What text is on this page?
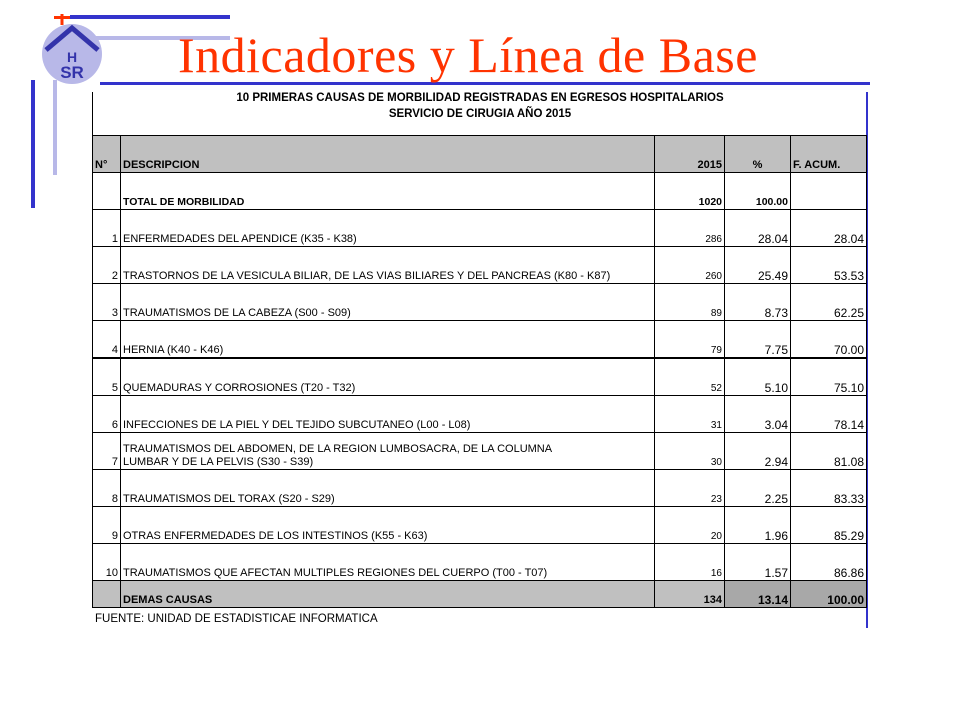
H
SR Indicadores y Línea de Base
10 PRIMERAS CAUSAS DE MORBILIDAD REGISTRADAS EN EGRESOS HOSPITALARIOS
SERVICIO DE CIRUGIA AÑO 2015
N°	DESCRIPCION	2015	%	F. ACUM.
	TOTAL DE MORBILIDAD	1020	100.00	
1	ENFERMEDADES DEL APENDICE (K35 - K38)	286	28.04	28.04
2	TRASTORNOS DE LA VESICULA BILIAR, DE LAS VIAS BILIARES Y DEL PANCREAS (K80 - K87)	260	25.49	53.53
3	TRAUMATISMOS DE LA CABEZA (S00 - S09)	89	8.73	62.25
4	HERNIA (K40 - K46)	79	7.75	70.00
5	QUEMADURAS Y CORROSIONES (T20 - T32)	52	5.10	75.10
6	INFECCIONES DE LA PIEL Y DEL TEJIDO SUBCUTANEO (L00 - L08)	31	3.04	78.14
7	TRAUMATISMOS DEL ABDOMEN, DE LA REGION LUMBOSACRA, DE LA COLUMNA
LUMBAR Y DE LA PELVIS (S30 - S39)	30	2.94	81.08
8	TRAUMATISMOS DEL TORAX (S20 - S29)	23	2.25	83.33
9	OTRAS ENFERMEDADES DE LOS INTESTINOS (K55 - K63)	20	1.96	85.29
10	TRAUMATISMOS QUE AFECTAN MULTIPLES REGIONES DEL CUERPO (T00 - T07)	16	1.57	86.86
	DEMAS CAUSAS	134	13.14	100.00
FUENTE: UNIDAD DE ESTADISTICAE INFORMATICA
